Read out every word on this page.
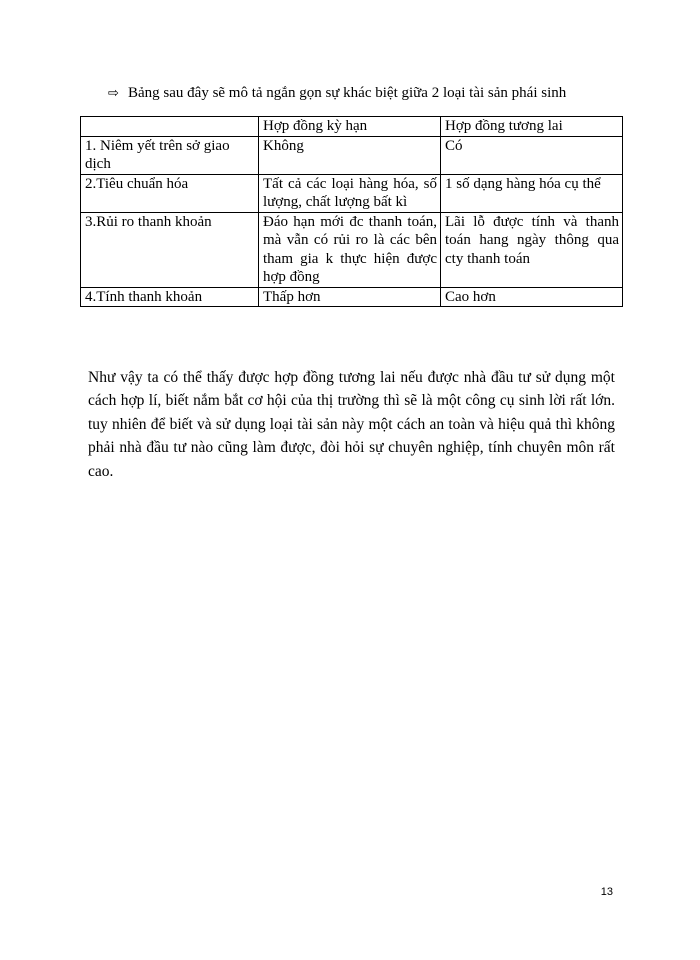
⇨ Bảng sau đây sẽ mô tả ngắn gọn sự khác biệt giữa 2 loại tài sản phái sinh
	Hợp đồng kỳ hạn	Hợp đồng tương lai
1. Niêm yết trên sở giao dịch	Không	Có
2.Tiêu chuẩn hóa	Tất cả các loại hàng hóa, số lượng, chất lượng bất kì	1 số dạng hàng hóa cụ thể
3.Rủi ro thanh khoản	Đáo hạn mới đc thanh toán, mà vẫn có rủi ro là các bên tham gia k thực hiện được hợp đồng	Lãi lỗ được tính và thanh toán hang ngày thông qua cty thanh toán
4.Tính thanh khoản	Thấp hơn	Cao hơn

Như vậy ta có thể thấy được hợp đồng tương lai nếu được nhà đầu tư sử dụng một cách hợp lí, biết nắm bắt cơ hội của thị trường thì sẽ là một công cụ sinh lời rất lớn. tuy nhiên để biết và sử dụng loại tài sản này một cách an toàn và hiệu quả thì không phải nhà đầu tư nào cũng làm được, đòi hỏi sự chuyên nghiệp, tính chuyên môn rất cao.

13
